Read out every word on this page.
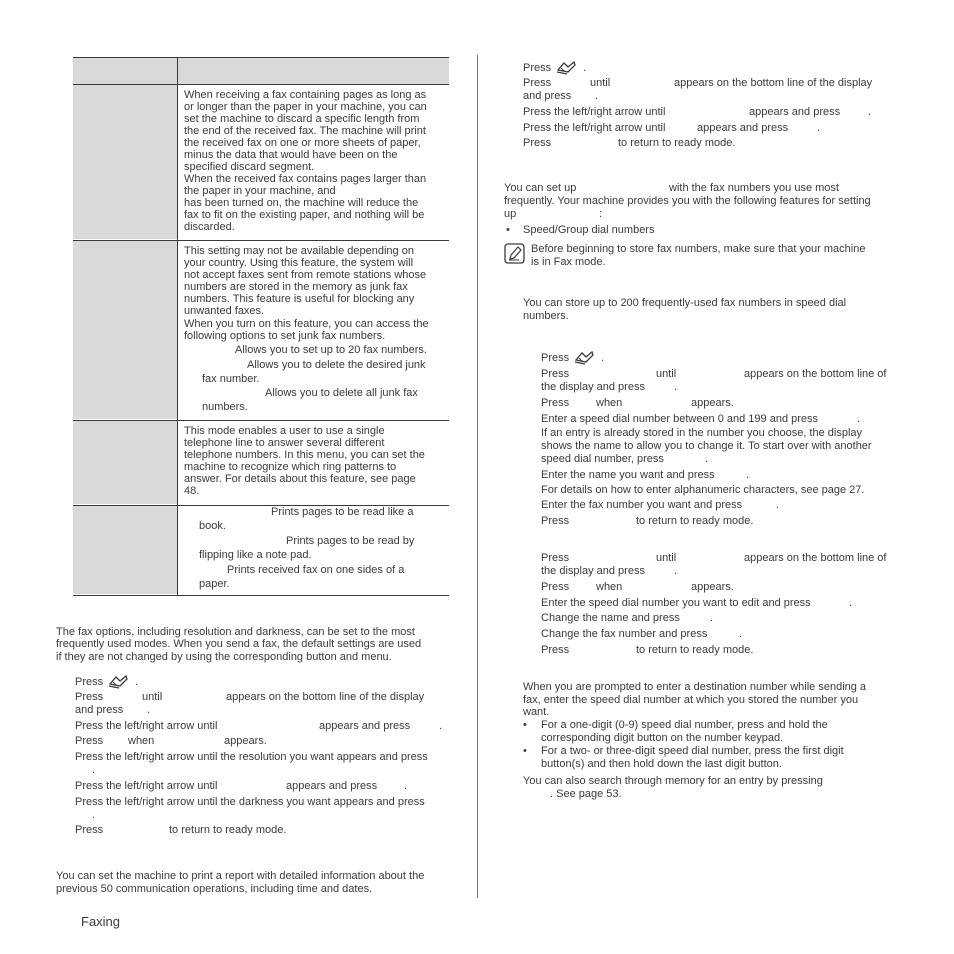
When receiving a fax containing pages as long as
or longer than the paper in your machine, you can
set the machine to discard a specific length from
the end of the received fax. The machine will print
the received fax on one or more sheets of paper,
minus the data that would have been on the
specified discard segment.
When the received fax contains pages larger than
the paper in your machine, and
has been turned on, the machine will reduce the
fax to fit on the existing paper, and nothing will be
discarded.
This setting may not be available depending on
your country. Using this feature, the system will
not accept faxes sent from remote stations whose
numbers are stored in the memory as junk fax
numbers. This feature is useful for blocking any
unwanted faxes.
When you turn on this feature, you can access the
following options to set junk fax numbers.
Allows you to set up to 20 fax numbers.
Allows you to delete the desired junk
fax number.
Allows you to delete all junk fax
numbers.
This mode enables a user to use a single
telephone line to answer several different
telephone numbers. In this menu, you can set the
machine to recognize which ring patterns to
answer. For details about this feature, see page
48.
Prints pages to be read like a
book.
Prints pages to be read by
flipping like a note pad.
Prints received fax on one sides of a
paper.
The fax options, including resolution and darkness, can be set to the most
frequently used modes. When you send a fax, the default settings are used
if they are not changed by using the corresponding button and menu.
Press	.
Press	until	appears on the bottom line of the display
and press .
Press the left/right arrow until	appears and press	.
Press when	appears.
Press the left/right arrow until the resolution you want appears and press
.
Press the left/right arrow until	appears and press .
Press the left/right arrow until the darkness you want appears and press
.
Press	to return to ready mode.
You can set the machine to print a report with detailed information about the
previous 50 communication operations, including time and dates.
Faxing
Press	.
Press	until	appears on the bottom line of the display
and press .
Press the left/right arrow until	appears and press	.
Press the left/right arrow until	appears and press	.
Press	to return to ready mode.
You can set up	with the fax numbers you use most
frequently. Your machine provides you with the following features for setting
up	:
• Speed/Group dial numbers
Before beginning to store fax numbers, make sure that your machine
is in Fax mode.
You can store up to 200 frequently-used fax numbers in speed dial
numbers.
Press	.
Press	until	appears on the bottom line of
the display and press	.
Press when	appears.
Enter a speed dial number between 0 and 199 and press	.
If an entry is already stored in the number you choose, the display
shows the name to allow you to change it. To start over with another
speed dial number, press	.
Enter the name you want and press	.
For details on how to enter alphanumeric characters, see page 27.
Enter the fax number you want and press	.
Press	to return to ready mode.
Press	until	appears on the bottom line of
the display and press	.
Press when	appears.
Enter the speed dial number you want to edit and press	.
Change the name and press	.
Change the fax number and press	.
Press	to return to ready mode.
When you are prompted to enter a destination number while sending a
fax, enter the speed dial number at which you stored the number you
want.
• For a one-digit (0-9) speed dial number, press and hold the
corresponding digit button on the number keypad.
• For a two- or three-digit speed dial number, press the first digit
button(s) and then hold down the last digit button.
You can also search through memory for an entry by pressing
. See page 53.
